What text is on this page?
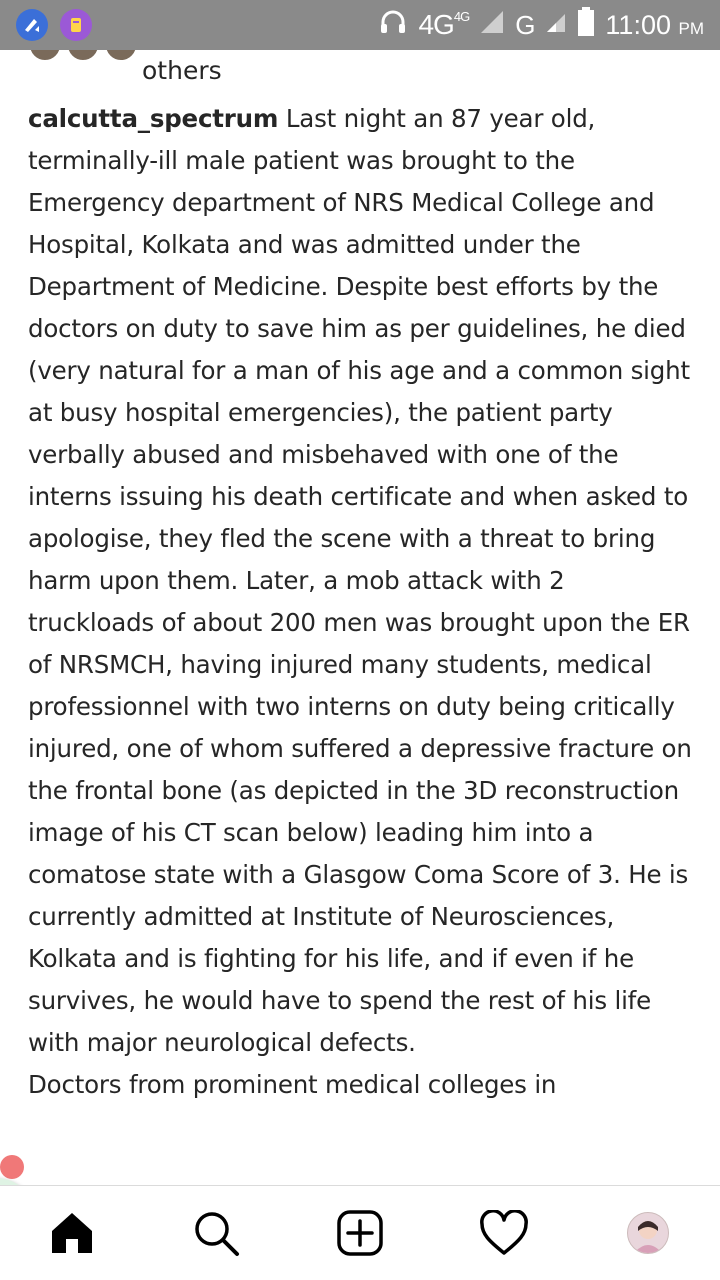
$4G^{4G}$ G	11:00 PM
others

calcutta_spectrum Last night an 87 year old, terminally-ill male patient was brought to the Emergency department of NRS Medical College and Hospital, Kolkata and was admitted under the Department of Medicine. Despite best efforts by the doctors on duty to save him as per guidelines, he died (very natural for a man of his age and a common sight at busy hospital emergencies), the patient party verbally abused and misbehaved with one of the interns issuing his death certificate and when asked to apologise, they fled the scene with a threat to bring harm upon them. Later, a mob attack with 2 truckloads of about 200 men was brought upon the ER of NRSMCH, having injured many students, medical professionnel with two interns on duty being critically injured, one of whom suffered a depressive fracture on the frontal bone (as depicted in the 3D reconstruction image of his CT scan below) leading him into a comatose state with a Glasgow Coma Score of 3. He is currently admitted at Institute of Neurosciences, Kolkata and is fighting for his life, and if even if he survives, he would have to spend the rest of his life with major neurological defects.

Doctors from prominent medical colleges in
